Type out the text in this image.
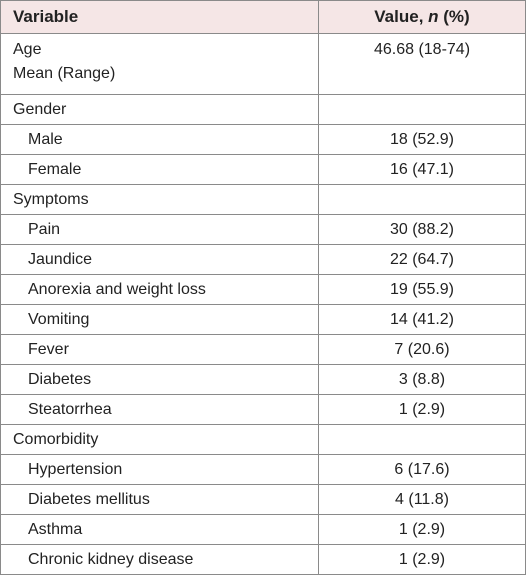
Variable	Value, n (%)

Age
Mean (Range)	46.68 (18-74)
Gender	
Male	18 (52.9)
Female	16 (47.1)
Symptoms	
Pain	30 (88.2)
Jaundice	22 (64.7)
Anorexia and weight loss	19 (55.9)
Vomiting	14 (41.2)
Fever	7 (20.6)
Diabetes	3 (8.8)
Steatorrhea	1 (2.9)
Comorbidity	
Hypertension	6 (17.6)
Diabetes mellitus	4 (11.8)
Asthma	1 (2.9)
Chronic kidney disease	1 (2.9)
